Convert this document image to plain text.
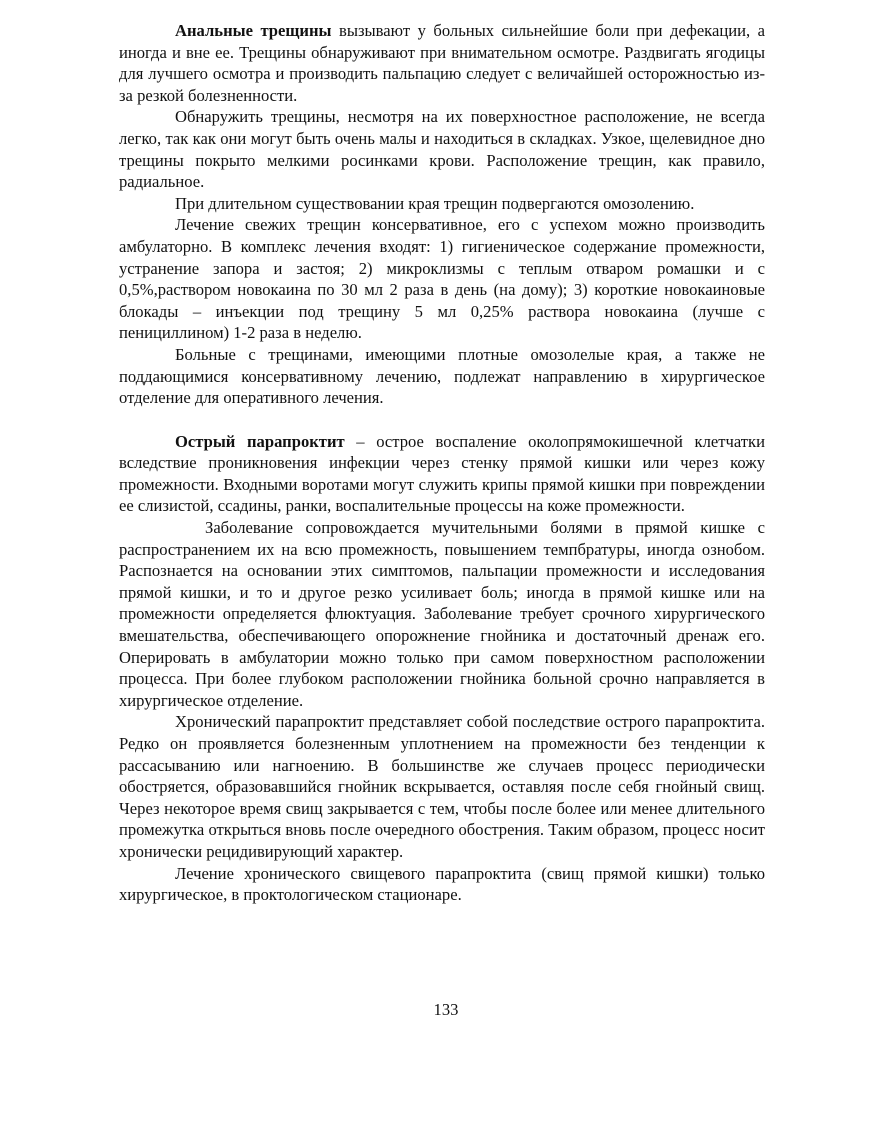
Анальные трещины вызывают у больных сильнейшие боли при дефекации, а иногда и вне ее. Трещины обнаруживают при внимательном осмотре. Раздвигать ягодицы для лучшего осмотра и производить пальпацию следует с величайшей осторожностью из-за резкой болезненности.

Обнаружить трещины, несмотря на их поверхностное расположение, не всегда легко, так как они могут быть очень малы и находиться в складках. Узкое, щелевидное дно трещины покрыто мелкими росинками крови. Расположение трещин, как правило, радиальное.

При длительном существовании края трещин подвергаются омозолению.

Лечение свежих трещин консервативное, его с успехом можно производить амбулаторно. В комплекс лечения входят: 1) гигиеническое содержание промежности, устранение запора и застоя; 2) микроклизмы с теплым отваром ромашки и с 0,5%,раствором новокаина по 30 мл 2 раза в день (на дому); 3) короткие новокаиновые блокады – инъекции под трещину 5 мл 0,25% раствора новокаина (лучше с пенициллином) 1-2 раза в неделю.

Больные с трещинами, имеющими плотные омозолелые края, а также не поддающимися консервативному лечению, подлежат направлению в хирургическое отделение для оперативного лечения.

Острый парапроктит – острое воспаление околопрямокишечной клетчатки вследствие проникновения инфекции через стенку прямой кишки или через кожу промежности. Входными воротами могут служить крипы прямой кишки при повреждении ее слизистой, ссадины, ранки, воспалительные процессы на коже промежности.

Заболевание сопровождается мучительными болями в прямой кишке с распространением их на всю промежность, повышением темпбратуры, иногда ознобом. Распознается на основании этих симптомов, пальпации промежности и исследования прямой кишки, и то и другое резко усиливает боль; иногда в прямой кишке или на промежности определяется флюктуация. Заболевание требует срочного хирургического вмешательства, обеспечивающего опорожнение гнойника и достаточный дренаж его. Оперировать в амбулатории можно только при самом поверхностном расположении процесса. При более глубоком расположении гнойника больной срочно направляется в хирургическое отделение.

Хронический парапроктит представляет собой последствие острого парапроктита. Редко он проявляется болезненным уплотнением на промежности без тенденции к рассасыванию или нагноению. В большинстве же случаев процесс периодически обостряется, образовавшийся гнойник вскрывается, оставляя после себя гнойный свищ. Через некоторое время свищ закрывается с тем, чтобы после более или менее длительного промежутка открыться вновь после очередного обострения. Таким образом, процесс носит хронически рецидивирующий характер.

Лечение хронического свищевого парапроктита (свищ прямой кишки) только хирургическое, в проктологическом стационаре.

133
